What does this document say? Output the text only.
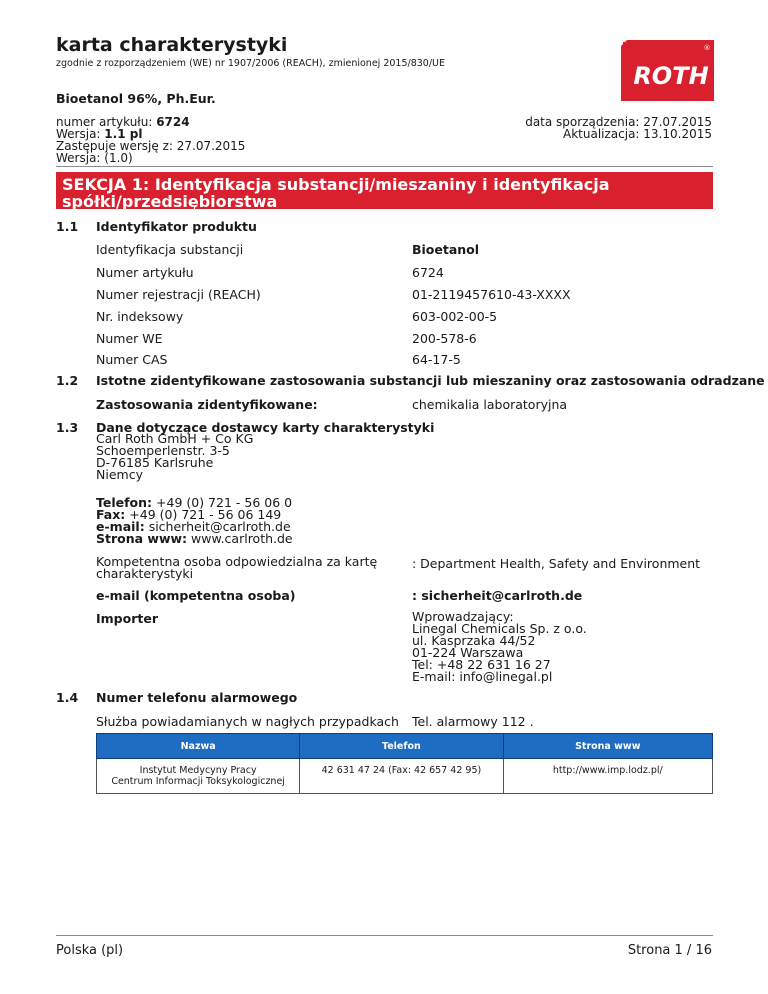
karta charakterystyki
zgodnie z rozporządzeniem (WE) nr 1907/2006 (REACH), zmienionej 2015/830/UE	ROTH
®
Bioetanol 96%, Ph.Eur.
numer artykułu: 6724
Wersja: 1.1 pl
Zastępuje wersję z: 27.07.2015
Wersja: (1.0)
data sporządzenia: 27.07.2015
Aktualizacja: 13.10.2015
SEKCJA 1: Identyfikacja substancji/mieszaniny i identyfikacja spółki/przedsiębiorstwa
1.1 Identyfikator produktu
Identyfikacja substancji	Bioetanol
Numer artykułu	6724
Numer rejestracji (REACH)	01-2119457610-43-XXXX
Nr. indeksowy	603-002-00-5
Numer WE	200-578-6
Numer CAS	64-17-5
1.2 Istotne zidentyfikowane zastosowania substancji lub mieszaniny oraz zastosowania odradzane
Zastosowania zidentyfikowane:	chemikalia laboratoryjna
1.3 Dane dotyczące dostawcy karty charakterystyki
Carl Roth GmbH + Co KG
Schoemperlenstr. 3-5
D-76185 Karlsruhe
Niemcy
Telefon: +49 (0) 721 - 56 06 0
Fax: +49 (0) 721 - 56 06 149
e-mail: sicherheit@carlroth.de
Strona www: www.carlroth.de
Kompetentna osoba odpowiedzialna za kartę charakterystyki
: Department Health, Safety and Environment
e-mail (kompetentna osoba)	: sicherheit@carlroth.de
Importer	Wprowadzający:
Linegal Chemicals Sp. z o.o.
ul. Kasprzaka 44/52
01-224 Warszawa
Tel: +48 22 631 16 27
E-mail: info@linegal.pl
1.4 Numer telefonu alarmowego
Służba powiadamianych w nagłych przypadkach Tel. alarmowy 112 .
Nazwa	Telefon	Strona www

Instytut Medycyny Pracy
Centrum Informacji Toksykologicznej	42 631 47 24 (Fax: 42 657 42 95)	http://www.imp.lodz.pl/
Polska (pl)	Strona 1 / 16
